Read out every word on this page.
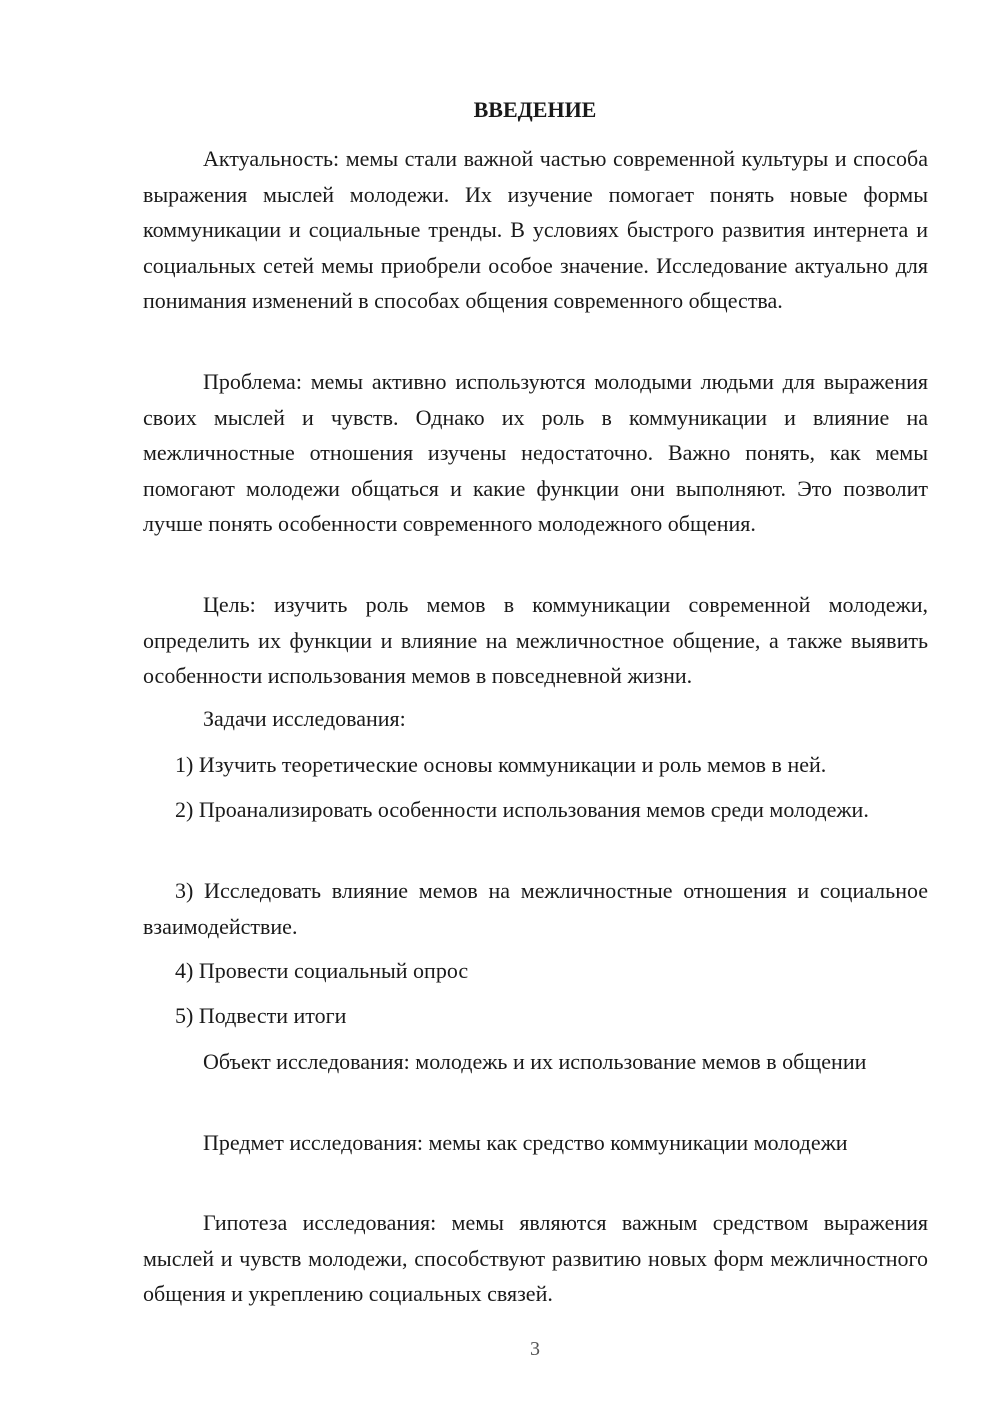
ВВЕДЕНИЕ

Актуальность: мемы стали важной частью современной культуры и способа выражения мыслей молодежи. Их изучение помогает понять новые формы коммуникации и социальные тренды. В условиях быстрого развития интернета и социальных сетей мемы приобрели особое значение. Исследование актуально для понимания изменений в способах общения современного общества.

Проблема: мемы активно используются молодыми людьми для выражения своих мыслей и чувств. Однако их роль в коммуникации и влияние на межличностные отношения изучены недостаточно. Важно понять, как мемы помогают молодежи общаться и какие функции они выполняют. Это позволит лучше понять особенности современного молодежного общения.

Цель: изучить роль мемов в коммуникации современной молодежи, определить их функции и влияние на межличностное общение, а также выявить особенности использования мемов в повседневной жизни.

Задачи исследования:

1) Изучить теоретические основы коммуникации и роль мемов в ней.

2) Проанализировать особенности использования мемов среди молодежи.

3) Исследовать влияние мемов на межличностные отношения и социальное взаимодействие.

4) Провести социальный опрос

5) Подвести итоги

Объект исследования: молодежь и их использование мемов в общении

Предмет исследования: мемы как средство коммуникации молодежи

Гипотеза исследования: мемы являются важным средством выражения мыслей и чувств молодежи, способствуют развитию новых форм межличностного общения и укреплению социальных связей.

3
